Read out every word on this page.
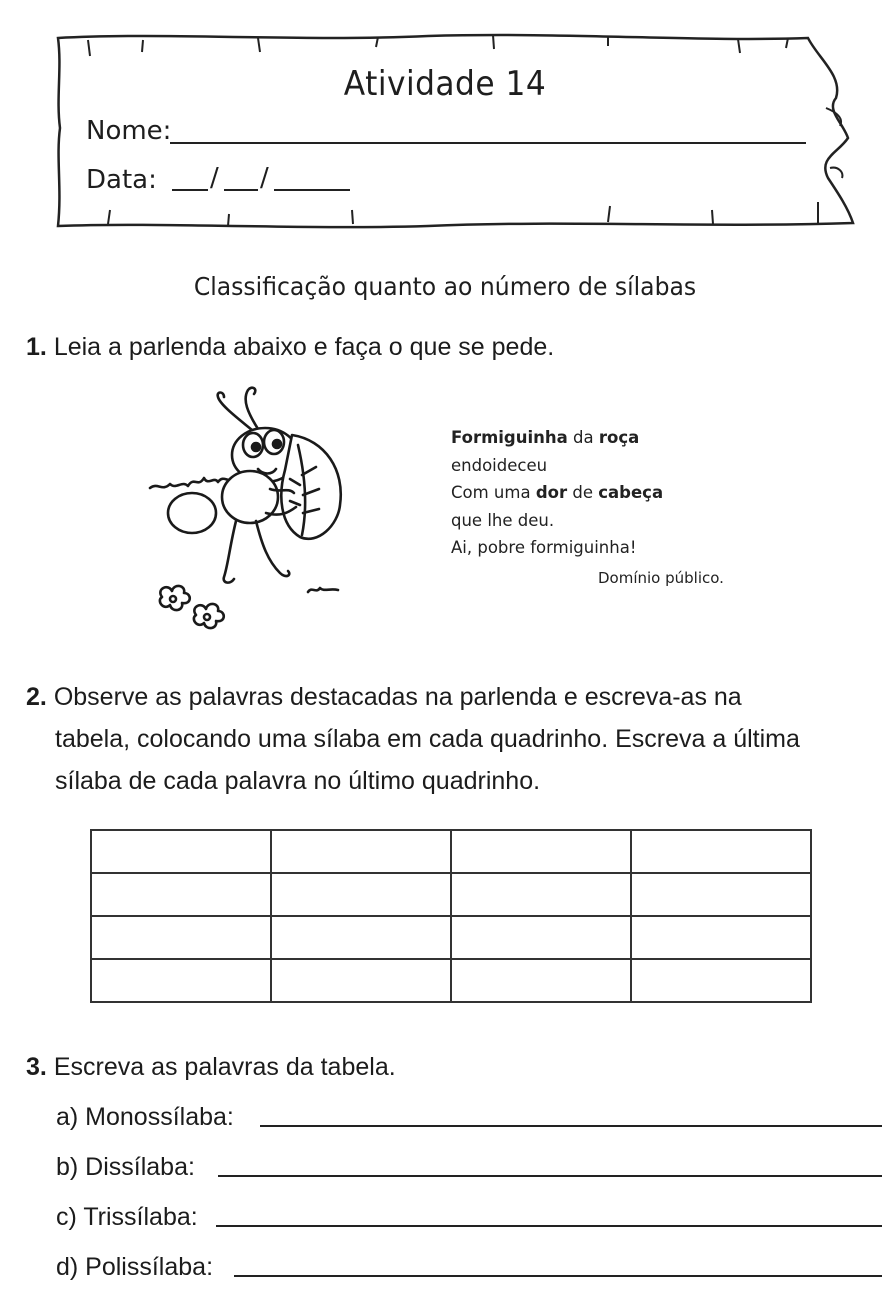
Atividade 14
Nome:
Data: / /
Classificação quanto ao número de sílabas
1. Leia a parlenda abaixo e faça o que se pede.
Formiguinha da roça
endoideceu
Com uma dor de cabeça
que lhe deu.
Ai, pobre formiguinha!
Domínio público.
2. Observe as palavras destacadas na parlenda e escreva-as na
tabela, colocando uma sílaba em cada quadrinho. Escreva a última
sílaba de cada palavra no último quadrinho.

3. Escreva as palavras da tabela.
a) Monossílaba:
b) Dissílaba:
c) Trissílaba:
d) Polissílaba:
